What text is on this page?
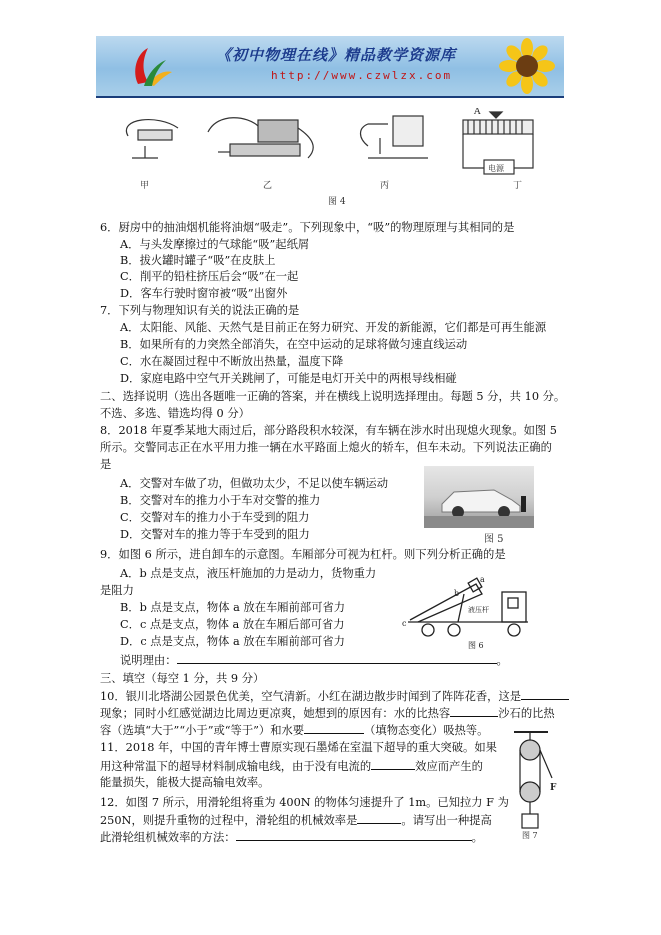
《初中物理在线》精品教学资源库
http://www.czwlzx.com
A
电源
甲	乙	丙	丁
图 4
6．厨房中的抽油烟机能将油烟“吸走”。下列现象中，“吸”的物理原理与其相同的是
A．与头发摩擦过的气球能“吸”起纸屑
B．拔火罐时罐子“吸”在皮肤上
C．削平的铅柱挤压后会“吸”在一起
D．客车行驶时窗帘被“吸”出窗外
7．下列与物理知识有关的说法正确的是
A．太阳能、风能、天然气是目前正在努力研究、开发的新能源，它们都是可再生能源
B．如果所有的力突然全部消失，在空中运动的足球将做匀速直线运动
C．水在凝固过程中不断放出热量，温度下降
D．家庭电路中空气开关跳闸了，可能是电灯开关中的两根导线相碰
二、选择说明（选出各题唯一正确的答案，并在横线上说明选择理由。每题 5 分，共 10 分。
不选、多选、错选均得 0 分）
8．2018 年夏季某地大雨过后，部分路段积水较深，有车辆在涉水时出现熄火现象。如图 5
所示。交警同志正在水平用力推一辆在水平路面上熄火的轿车，但车未动。下列说法正确的
是
A．交警对车做了功，但做功太少，不足以使车辆运动
B．交警对车的推力小于车对交警的推力
C．交警对车的推力小于车受到的阻力
D．交警对车的推力等于车受到的阻力	图 5
9．如图 6 所示，进自卸车的示意图。车厢部分可视为杠杆。则下列分析正确的是
A．b 点是支点，液压杆施加的力是动力，货物重力
是阻力
B．b 点是支点，物体 a 放在车厢前部可省力
C．c 点是支点，物体 a 放在车厢后部可省力
D．c 点是支点，物体 a 放在车厢前部可省力
说明理由：	。
a
b
c
液压杆
图 6
三、填空（每空 1 分，共 9 分）
10．银川北塔湖公园景色优美，空气清新。小红在湖边散步时闻到了阵阵花香，这是
现象；同时小红感觉湖边比周边更凉爽，她想到的原因有：水的比热容	沙石的比热
容（选填“大于”“小于”或“等于”）和水要	（填物态变化）吸热等。
11．2018 年，中国的青年博士曹原实现石墨烯在室温下超导的重大突破。如果
用这种常温下的超导材料制成输电线，由于没有电流的	效应而产生的
能量损失，能极大提高输电效率。
12．如图 7 所示，用滑轮组将重为 400N 的物体匀速提升了 1m。已知拉力 F 为
250N，则提升重物的过程中，滑轮组的机械效率是	。请写出一种提高
此滑轮组机械效率的方法：	。
F
图 7
